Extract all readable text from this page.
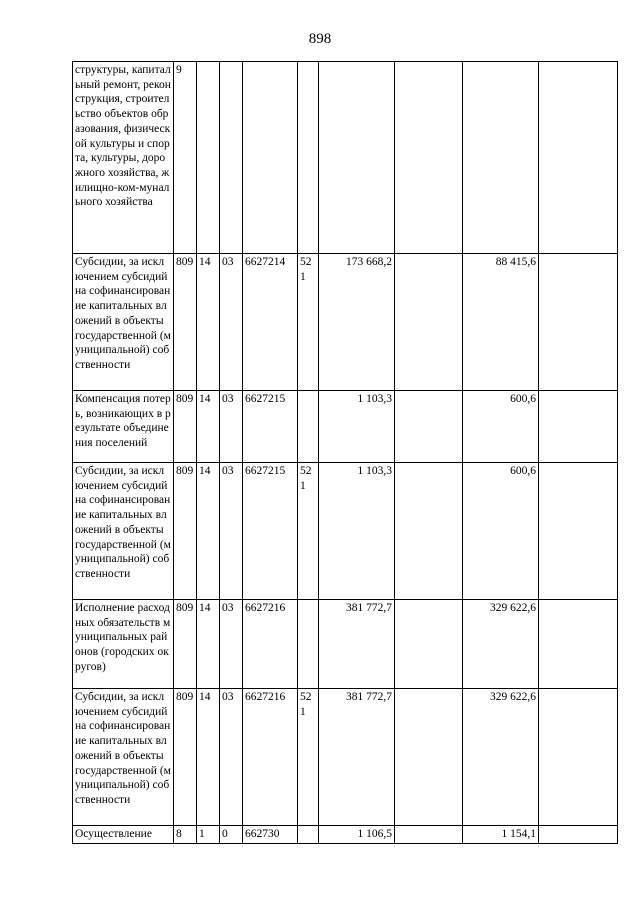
898
структуры, капитальный ремонт, реконструкция, строительство объектов образования, физической культуры и спорта, культуры, дорожного хозяйства, жилищно-ком-мунального хозяйства	9								
Субсидии, за исключением субсидий на софинансирование капитальных вложений в объекты государственной (муниципальной) собственности	809	14	03	6627214	521	173 668,2		88 415,6	
Компенсация потерь, возникающих в результате объединения поселений	809	14	03	6627215		1 103,3		600,6	
Субсидии, за исключением субсидий на софинансирование капитальных вложений в объекты государственной (муниципальной) собственности	809	14	03	6627215	521	1 103,3		600,6	
Исполнение расходных обязательств муниципальных районов (городских округов)	809	14	03	6627216		381 772,7		329 622,6	
Субсидии, за исключением субсидий на софинансирование капитальных вложений в объекты государственной (муниципальной) собственности	809	14	03	6627216	521	381 772,7		329 622,6	
Осуществление	8	1	0	662730		1 106,5		1 154,1	
